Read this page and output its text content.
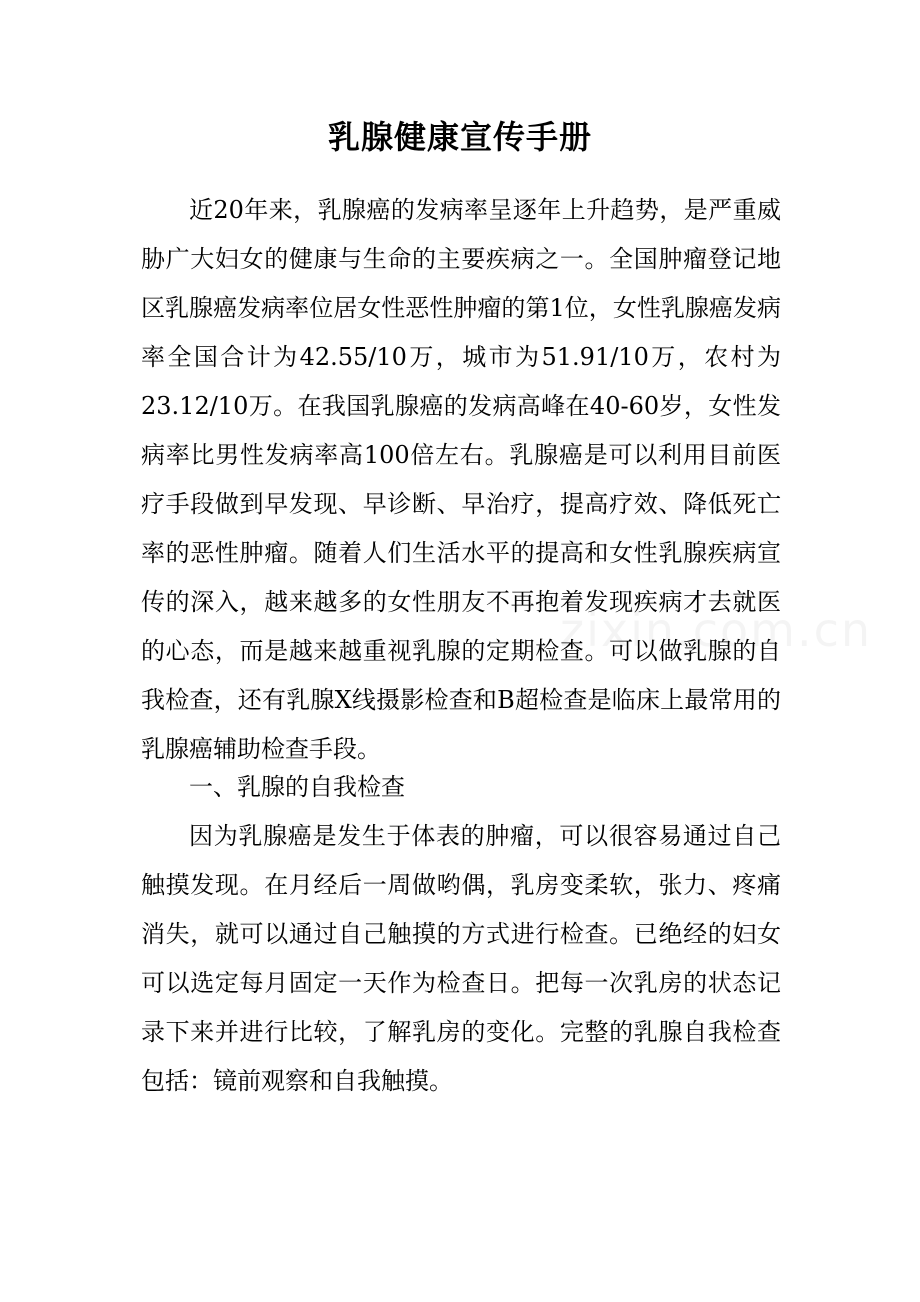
乳腺健康宣传手册

近20年来，乳腺癌的发病率呈逐年上升趋势，是严重威胁广大妇女的健康与生命的主要疾病之一。全国肿瘤登记地区乳腺癌发病率位居女性恶性肿瘤的第1位，女性乳腺癌发病率全国合计为42.55/10万，城市为51.91/10万，农村为23.12/10万。在我国乳腺癌的发病高峰在40-60岁，女性发病率比男性发病率高100倍左右。乳腺癌是可以利用目前医疗手段做到早发现、早诊断、早治疗，提高疗效、降低死亡率的恶性肿瘤。随着人们生活水平的提高和女性乳腺疾病宣传的深入，越来越多的女性朋友不再抱着发现疾病才去就医的心态，而是越来越重视乳腺的定期检查。可以做乳腺的自我检查，还有乳腺X线摄影检查和B超检查是临床上最常用的乳腺癌辅助检查手段。

一、乳腺的自我检查

因为乳腺癌是发生于体表的肿瘤，可以很容易通过自己触摸发现。在月经后一周做哟偶，乳房变柔软，张力、疼痛消失，就可以通过自己触摸的方式进行检查。已绝经的妇女可以选定每月固定一天作为检查日。把每一次乳房的状态记录下来并进行比较，了解乳房的变化。完整的乳腺自我检查包括：镜前观察和自我触摸。
